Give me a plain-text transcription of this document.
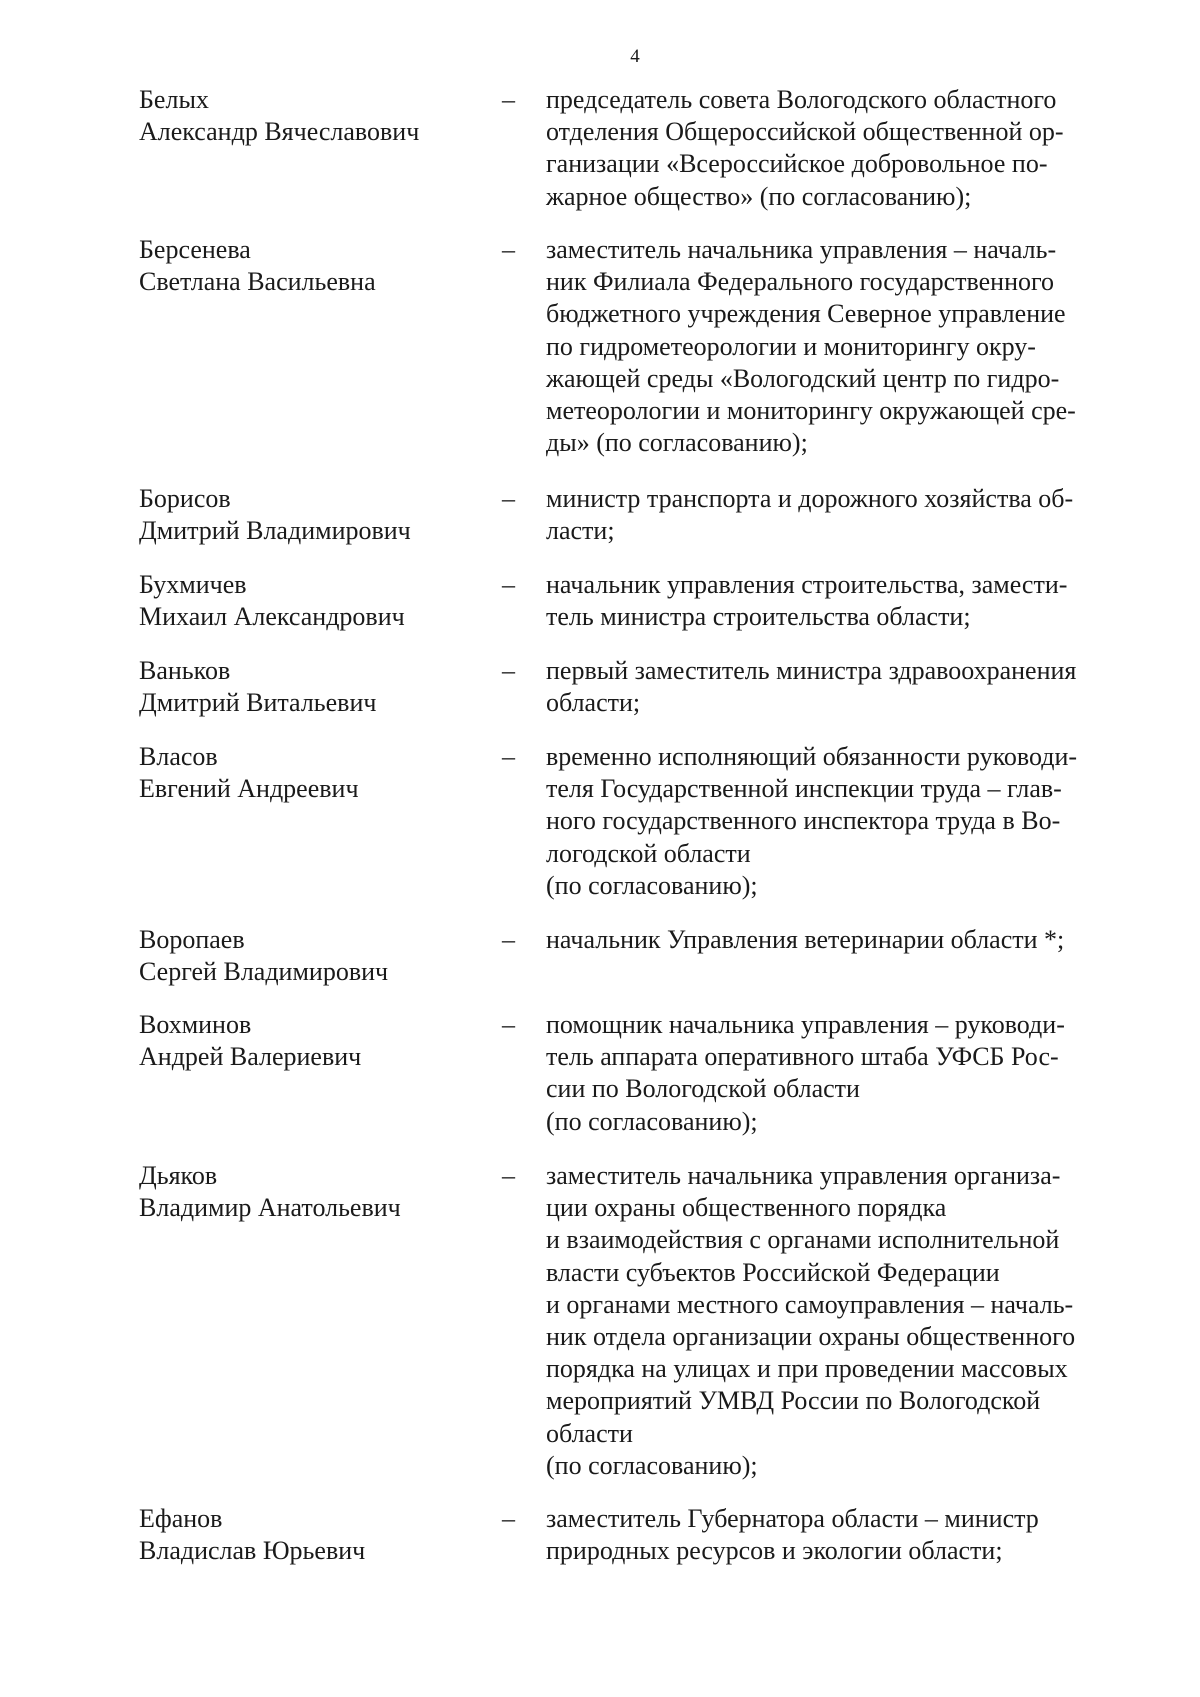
4
Белых
Александр Вячеславович
– председатель совета Вологодского областного
отделения Общероссийской общественной ор-
ганизации «Всероссийское добровольное по-
жарное общество» (по согласованию);
Берсенева
Светлана Васильевна
– заместитель начальника управления – началь-
ник Филиала Федерального государственного
бюджетного учреждения Северное управление
по гидрометеорологии и мониторингу окру-
жающей среды «Вологодский центр по гидро-
метеорологии и мониторингу окружающей сре-
ды» (по согласованию);
Борисов
Дмитрий Владимирович
– министр транспорта и дорожного хозяйства об-
ласти;
Бухмичев
Михаил Александрович
– начальник управления строительства, замести-
тель министра строительства области;
Ваньков
Дмитрий Витальевич
– первый заместитель министра здравоохранения
области;
Власов
Евгений Андреевич
– временно исполняющий обязанности руководи-
теля Государственной инспекции труда – глав-
ного государственного инспектора труда в Во-
логодской области
(по согласованию);
Воропаев
Сергей Владимирович
– начальник Управления ветеринарии области *;
Вохминов
Андрей Валериевич
– помощник начальника управления – руководи-
тель аппарата оперативного штаба УФСБ Рос-
сии по Вологодской области
(по согласованию);
Дьяков
Владимир Анатольевич
– заместитель начальника управления организа-
ции охраны общественного порядка
и взаимодействия с органами исполнительной
власти субъектов Российской Федерации
и органами местного самоуправления – началь-
ник отдела организации охраны общественного
порядка на улицах и при проведении массовых
мероприятий УМВД России по Вологодской
области
(по согласованию);
Ефанов
Владислав Юрьевич
– заместитель Губернатора области – министр
природных ресурсов и экологии области;
